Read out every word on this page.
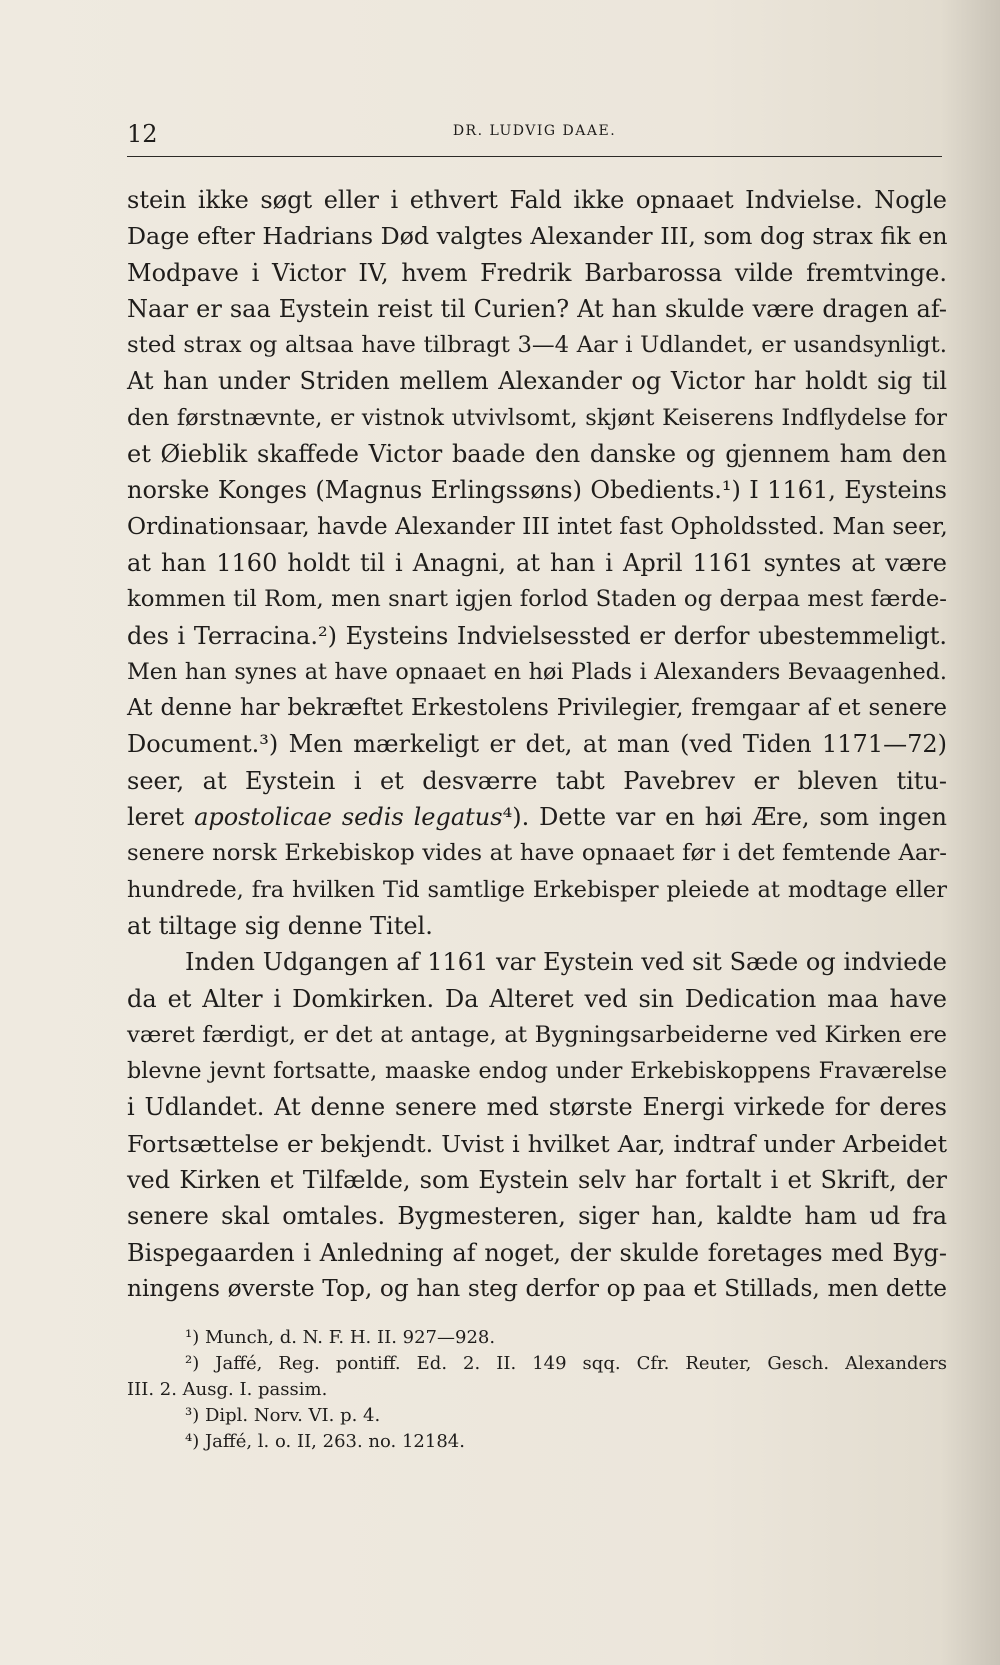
12	DR. LUDVIG DAAE.
stein ikke søgt eller i ethvert Fald ikke opnaaet Indvielse. Nogle
Dage efter Hadrians Død valgtes Alexander III, som dog strax fik en
Modpave i Victor IV, hvem Fredrik Barbarossa vilde fremtvinge.
Naar er saa Eystein reist til Curien? At han skulde være dragen af-
sted strax og altsaa have tilbragt 3—4 Aar i Udlandet, er usandsynligt.
At han under Striden mellem Alexander og Victor har holdt sig til
den førstnævnte, er vistnok utvivlsomt, skjønt Keiserens Indflydelse for
et Øieblik skaffede Victor baade den danske og gjennem ham den
norske Konges (Magnus Erlingssøns) Obedients.¹) I 1161, Eysteins
Ordinationsaar, havde Alexander III intet fast Opholdssted. Man seer,
at han 1160 holdt til i Anagni, at han i April 1161 syntes at være
kommen til Rom, men snart igjen forlod Staden og derpaa mest færde-
des i Terracina.²) Eysteins Indvielsessted er derfor ubestemmeligt.
Men han synes at have opnaaet en høi Plads i Alexanders Bevaagenhed.
At denne har bekræftet Erkestolens Privilegier, fremgaar af et senere
Document.³) Men mærkeligt er det, at man (ved Tiden 1171—72)
seer, at Eystein i et desværre tabt Pavebrev er bleven titu-
leret apostolicae sedis legatus⁴). Dette var en høi Ære, som ingen
senere norsk Erkebiskop vides at have opnaaet før i det femtende Aar-
hundrede, fra hvilken Tid samtlige Erkebisper pleiede at modtage eller
at tiltage sig denne Titel.
Inden Udgangen af 1161 var Eystein ved sit Sæde og indviede
da et Alter i Domkirken. Da Alteret ved sin Dedication maa have
været færdigt, er det at antage, at Bygningsarbeiderne ved Kirken ere
blevne jevnt fortsatte, maaske endog under Erkebiskoppens Fraværelse
i Udlandet. At denne senere med største Energi virkede for deres
Fortsættelse er bekjendt. Uvist i hvilket Aar, indtraf under Arbeidet
ved Kirken et Tilfælde, som Eystein selv har fortalt i et Skrift, der
senere skal omtales. Bygmesteren, siger han, kaldte ham ud fra
Bispegaarden i Anledning af noget, der skulde foretages med Byg-
ningens øverste Top, og han steg derfor op paa et Stillads, men dette
¹) Munch, d. N. F. H. II. 927—928.
²) Jaffé, Reg. pontiff. Ed. 2. II. 149 sqq. Cfr. Reuter, Gesch. Alexanders
III. 2. Ausg. I. passim.
³) Dipl. Norv. VI. p. 4.
⁴) Jaffé, l. o. II, 263. no. 12184.
